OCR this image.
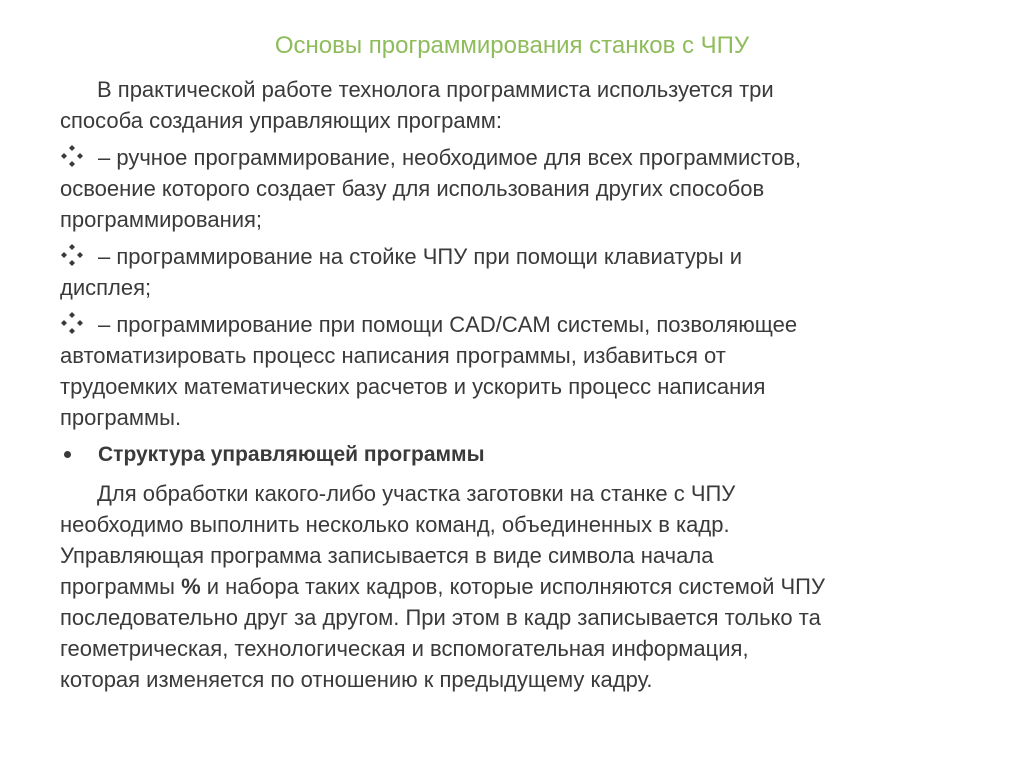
Основы программирования станков с ЧПУ
В практической работе технолога программиста используется три
способа создания управляющих программ:
– ручное программирование, необходимое для всех программистов,
освоение которого создает базу для использования других способов
программирования;
– программирование на стойке ЧПУ при помощи клавиатуры и
дисплея;
– программирование при помощи CAD/CAM системы, позволяющее
автоматизировать процесс написания программы, избавиться от
трудоемких математических расчетов и ускорить процесс написания
программы.
Структура управляющей программы
Для обработки какого-либо участка заготовки на станке с ЧПУ
необходимо выполнить несколько команд, объединенных в кадр.
Управляющая программа записывается в виде символа начала
программы % и набора таких кадров, которые исполняются системой ЧПУ
последовательно друг за другом. При этом в кадр записывается только та
геометрическая, технологическая и вспомогательная информация,
которая изменяется по отношению к предыдущему кадру.
